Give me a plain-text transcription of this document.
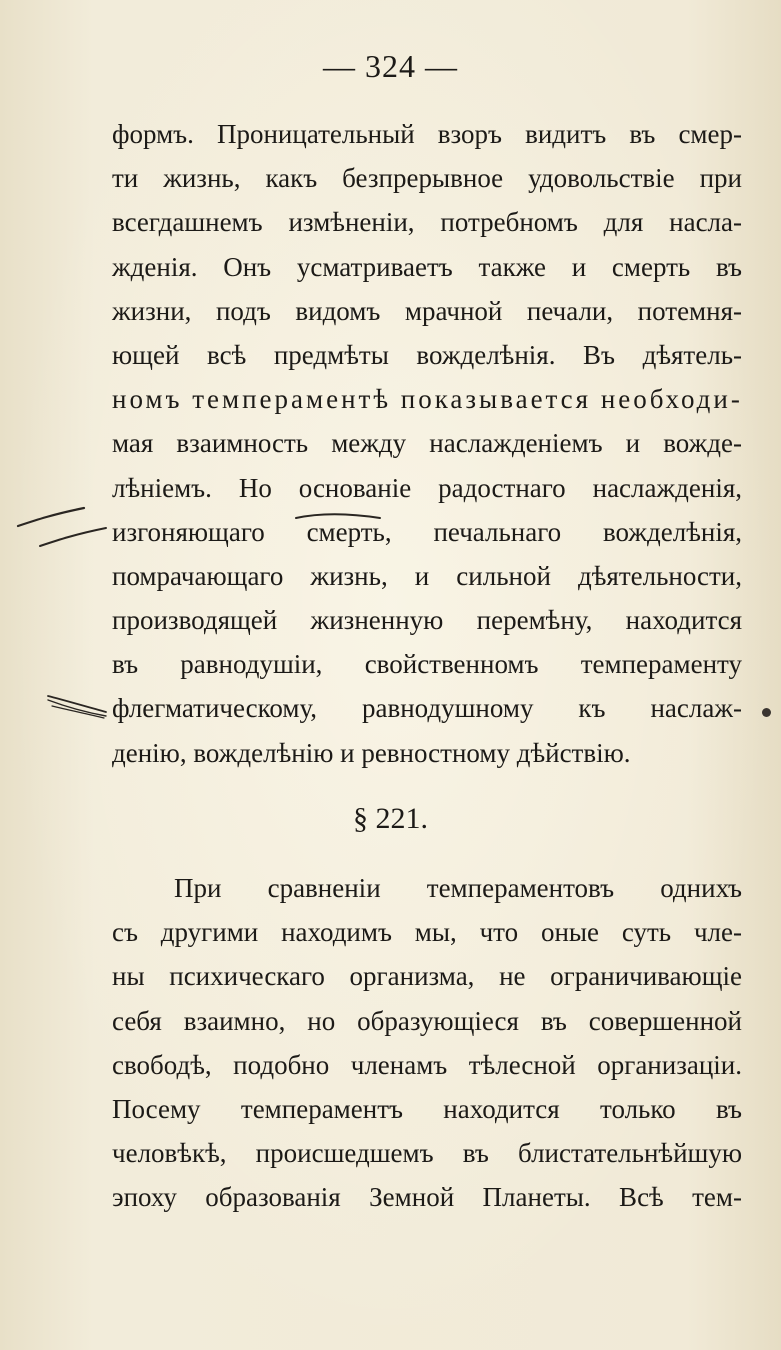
— 324 —
формъ. Проницательный взоръ видитъ въ смер-
ти жизнь, какъ безпрерывное удовольствіе при
всегдашнемъ измѣненіи, потребномъ для насла-
жденія. Онъ усматриваетъ также и смерть въ
жизни, подъ видомъ мрачной печали, потемня-
ющей всѣ предмѣты вожделѣнія. Въ дѣятель-
номъ темпераментѣ показывается необходи-
мая взаимность между наслажденіемъ и вожде-
лѣніемъ. Но основаніе радостнаго наслажденія,
изгоняющаго смерть, печальнаго вожделѣнія,
помрачающаго жизнь, и сильной дѣятельности,
производящей жизненную перемѣну, находится
въ равнодушіи, свойственномъ темпераменту
флегматическому, равнодушному къ наслаж-
денію, вожделѣнію и ревностному дѣйствію.
§ 221.
При сравненіи темпераментовъ однихъ
съ другими находимъ мы, что оные суть чле-
ны психическаго организма, не ограничивающіе
себя взаимно, но образующіеся въ совершенной
свободѣ, подобно членамъ тѣлесной организаціи.
Посему темпераментъ находится только въ
человѣкѣ, происшедшемъ въ блистательнѣйшую
эпоху образованія Земной Планеты. Всѣ тем-
